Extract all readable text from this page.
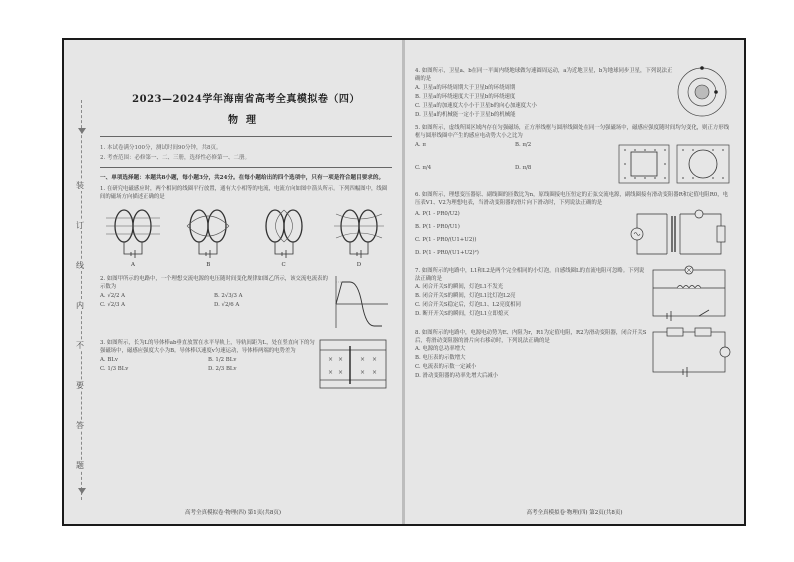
装
订
线
内
不
要
答
题
2023—2024学年海南省高考全真模拟卷（四）
物理
1. 本试卷满分100分，测试时间90分钟，共8页。
2. 考查范围：必修第一、二、三册，选择性必修第一、二册。
一、单项选择题：本题共8小题，每小题3分，共24分。在每小题给出的四个选项中，只有一项是符合题目要求的。
1. 在研究电磁感应时，两个相同的线圈平行放置，通有大小相等的电流，电流方向如图中箭头所示。下列四幅图中，线圈间的磁场方向描述正确的是
A	B	C	D
2. 如图甲所示的电路中，一个理想交流电源的电压随时间变化规律如图乙所示，该交流电流表的示数为
A. √2/2 A	B. 2√3/3 A
C. √2/3 A	D. √2/6 A
3. 如图所示，长为L的导体棒ab垂直放置在水平导轨上，导轨间距为L，处在竖直向下的匀强磁场中，磁感应强度大小为B。导体棒以速度v匀速运动，导体棒两端的电势差为
A. BLv	B. 1/2 BLv
C. 1/3 BLv	D. 2/3 BLv
× ×	× ×
× ×	× ×
高考全真模拟卷·物理(四) 第1页(共8页)
4. 如图所示，卫星a、b在同一平面内绕地球做匀速圆周运动，a为近地卫星，b为地球同步卫星，下列说法正确的是
A. 卫星a的环绕周期大于卫星b的环绕周期
B. 卫星a的环绕速度大于卫星b的环绕速度
C. 卫星a的加速度大小小于卫星b的向心加速度大小
D. 卫星a的机械能一定小于卫星b的机械能
5. 如图所示，虚线所围区域内存在匀强磁场，正方形线框与圆形线圈处在同一匀强磁场中，磁感应强度随时间均匀变化，则正方形线框与圆形线圈中产生的感应电动势大小之比为
A. π	B. π/2
C. π/4	D. π/8
6. 如图所示，理想变压器原、副线圈的匝数比为n，原线圈接电压恒定的正弦交流电源，副线圈接有滑动变阻器R和定值电阻R0，电压表V1、V2为理想电表，当滑动变阻器的滑片向下滑动时，下列说法正确的是
A. P(1 - PR0/U2)
B. P(1 - PR0/U1)
C. P(1 - PR0/(U1+U2))
D. P(1 - PR0/(U1+U2)²)
7. 如图所示的电路中，L1和L2是两个完全相同的小灯泡，自感线圈L的直流电阻可忽略。下列说法正确的是
A. 闭合开关S的瞬间，灯泡L1不发光
B. 闭合开关S的瞬间，灯泡L1比灯泡L2亮
C. 闭合开关S稳定后，灯泡L1、L2亮度相同
D. 断开开关S的瞬间，灯泡L1立即熄灭
8. 如图所示的电路中，电源电动势为E、内阻为r，R1为定值电阻，R2为滑动变阻器，闭合开关S后，将滑动变阻器的滑片向右移动时，下列说法正确的是
A. 电源的总功率增大
B. 电压表的示数增大
C. 电流表的示数一定减小
D. 滑动变阻器的功率先增大后减小
高考全真模拟卷·物理(四) 第2页(共8页)
